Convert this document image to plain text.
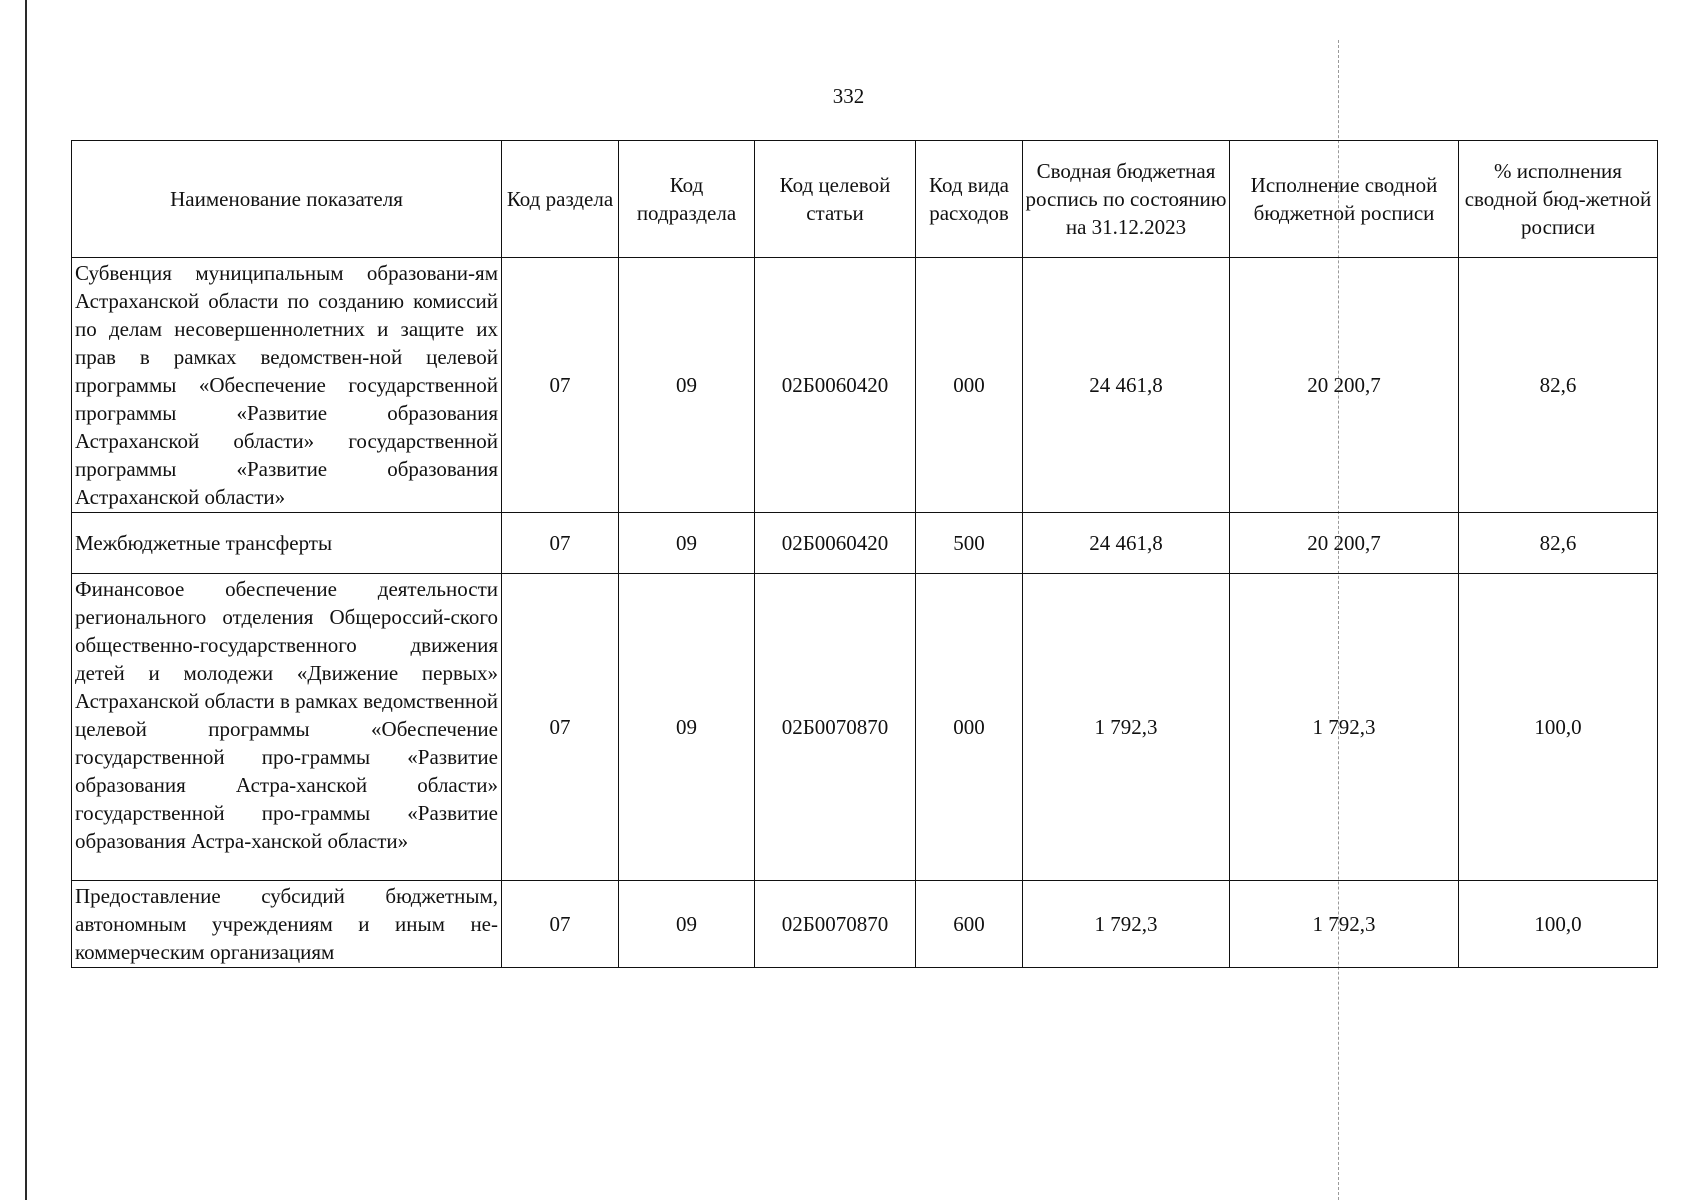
332
Наименование показателя	Код раздела	Код подраздела	Код целевой статьи	Код вида расходов	Сводная бюджетная роспись по состоянию на 31.12.2023	Исполнение сводной бюджетной росписи	% исполнения сводной бюд-жетной росписи
Субвенция муниципальным образовани-ям Астраханской области по созданию комиссий по делам несовершеннолетних и защите их прав в рамках ведомствен-ной целевой программы «Обеспечение государственной программы «Развитие образования Астраханской области» государственной программы «Развитие образования Астраханской области»	07	09	02Б0060420	000	24 461,8	20 200,7	82,6
Межбюджетные трансферты	07	09	02Б0060420	500	24 461,8	20 200,7	82,6
Финансовое обеспечение деятельности регионального отделения Общероссий-ского общественно-государственного движения детей и молодежи «Движение первых» Астраханской области в рамках ведомственной целевой программы «Обеспечение государственной про-граммы «Развитие образования Астра-ханской области» государственной про-граммы «Развитие образования Астра-ханской области»	07	09	02Б0070870	000	1 792,3	1 792,3	100,0
Предоставление субсидий бюджетным, автономным учреждениям и иным не-коммерческим организациям	07	09	02Б0070870	600	1 792,3	1 792,3	100,0
